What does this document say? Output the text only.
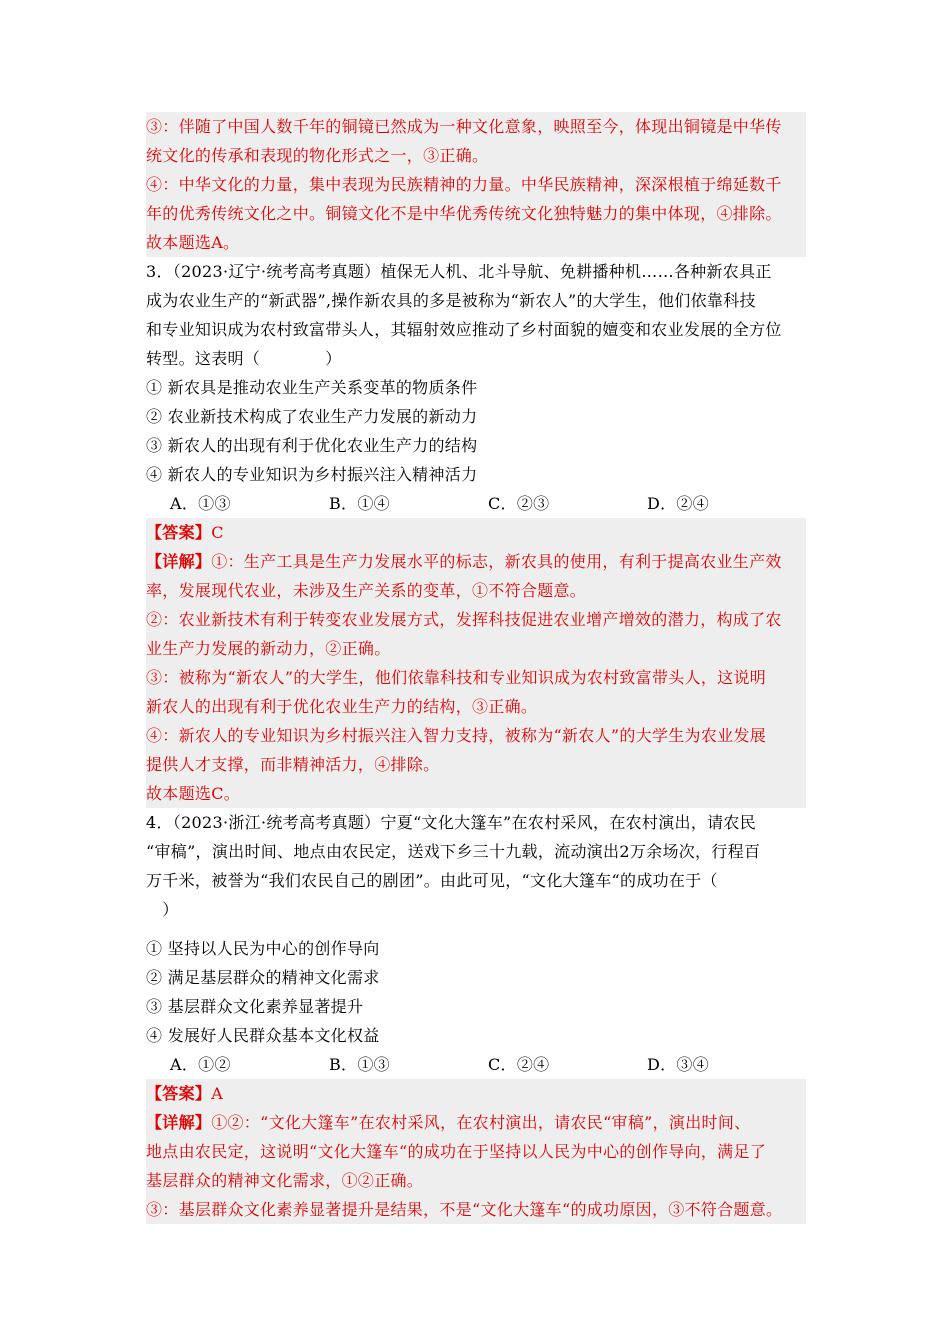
③：伴随了中国人数千年的铜镜已然成为一种文化意象，映照至今，体现出铜镜是中华传
统文化的传承和表现的物化形式之一，③正确。
④：中华文化的力量，集中表现为民族精神的力量。中华民族精神，深深根植于绵延数千
年的优秀传统文化之中。铜镜文化不是中华优秀传统文化独特魅力的集中体现，④排除。
故本题选A。
3．（2023·辽宁·统考高考真题）植保无人机、北斗导航、免耕播种机……各种新农具正
成为农业生产的“新武器”,操作新农具的多是被称为“新农人”的大学生，他们依靠科技
和专业知识成为农村致富带头人，其辐射效应推动了乡村面貌的嬗变和农业发展的全方位
转型。这表明（　　　　）
① 新农具是推动农业生产关系变革的物质条件
② 农业新技术构成了农业生产力发展的新动力
③ 新农人的出现有利于优化农业生产力的结构
④ 新农人的专业知识为乡村振兴注入精神活力
A．①③	B．①④	C．②③	D．②④
【答案】C
【详解】①：生产工具是生产力发展水平的标志，新农具的使用，有利于提高农业生产效
率，发展现代农业，未涉及生产关系的变革，①不符合题意。
②：农业新技术有利于转变农业发展方式，发挥科技促进农业增产增效的潜力，构成了农
业生产力发展的新动力，②正确。
③：被称为“新农人”的大学生，他们依靠科技和专业知识成为农村致富带头人，这说明
新农人的出现有利于优化农业生产力的结构，③正确。
④：新农人的专业知识为乡村振兴注入智力支持，被称为“新农人”的大学生为农业发展
提供人才支撑，而非精神活力，④排除。
故本题选C。
4．（2023·浙江·统考高考真题）宁夏“文化大篷车”在农村采风，在农村演出，请农民
“审稿”，演出时间、地点由农民定，送戏下乡三十九载，流动演出2万余场次，行程百
万千米，被誉为“我们农民自己的剧团”。由此可见，“文化大篷车“的成功在于（
　）
① 坚持以人民为中心的创作导向
② 满足基层群众的精神文化需求
③ 基层群众文化素养显著提升
④ 发展好人民群众基本文化权益
A．①②	B．①③	C．②④	D．③④
【答案】A
【详解】①②：“文化大篷车”在农村采风，在农村演出，请农民“审稿”，演出时间、
地点由农民定，这说明“文化大篷车“的成功在于坚持以人民为中心的创作导向，满足了
基层群众的精神文化需求，①②正确。
③：基层群众文化素养显著提升是结果，不是“文化大篷车“的成功原因，③不符合题意。
